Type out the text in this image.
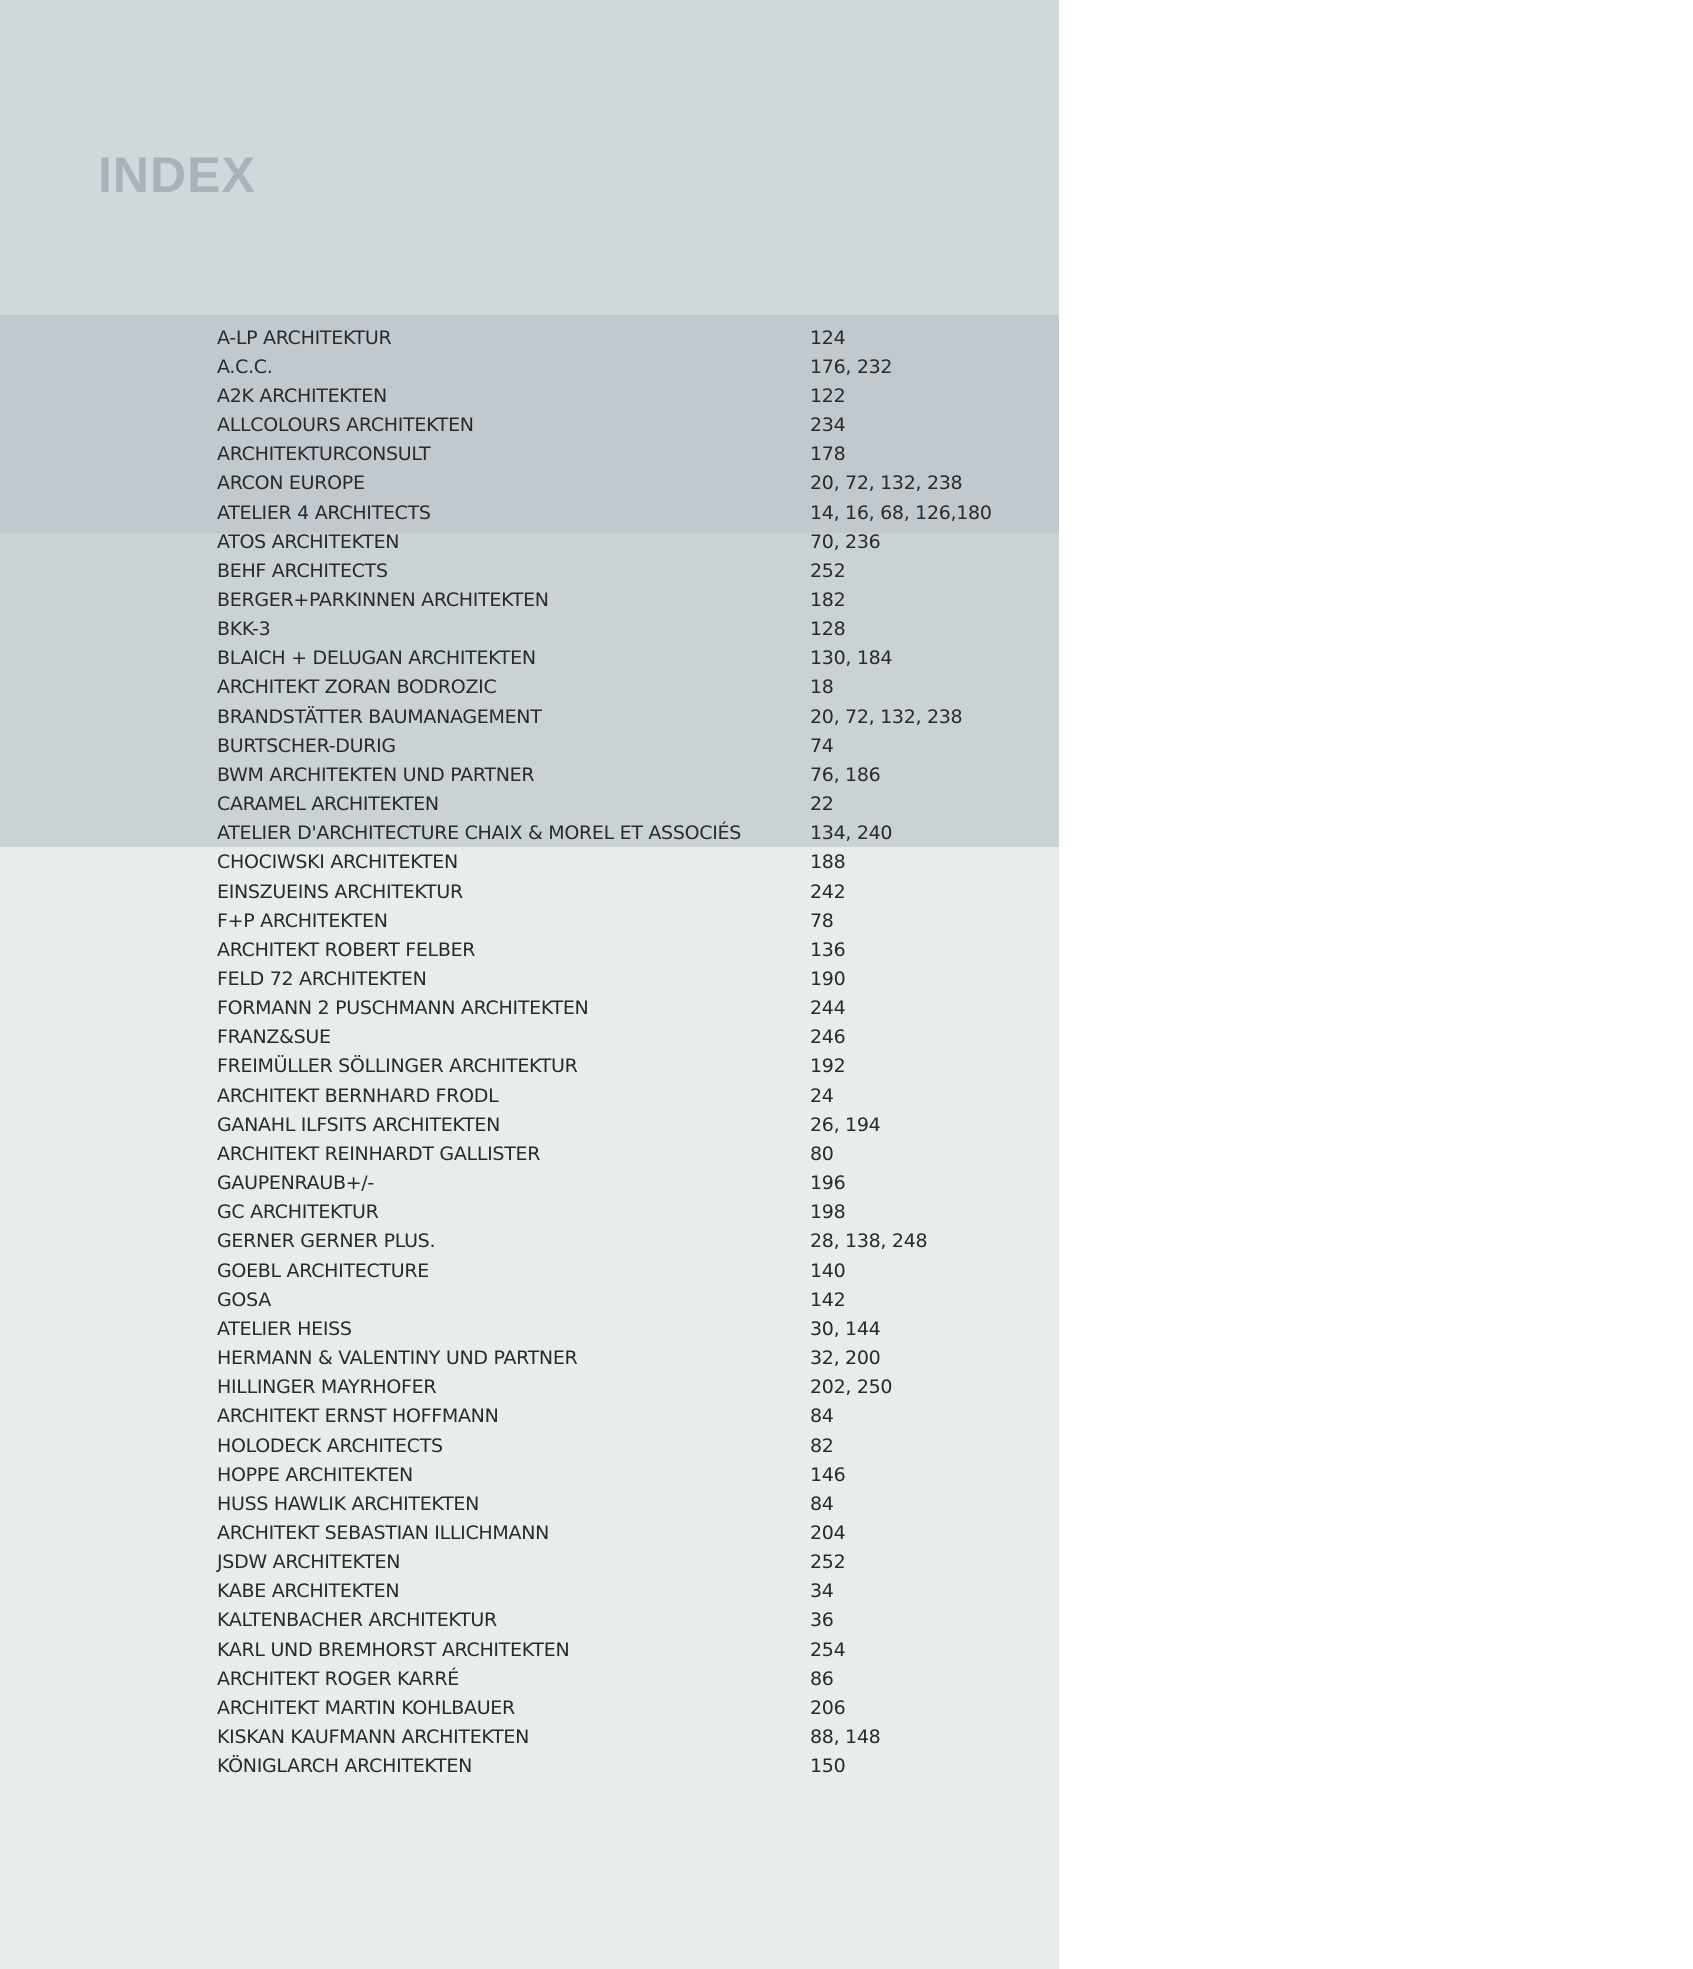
INDEX
A-LP ARCHITEKTUR	124
A.C.C.	176, 232
A2K ARCHITEKTEN	122
ALLCOLOURS ARCHITEKTEN	234
ARCHITEKTURCONSULT	178
ARCON EUROPE	20, 72, 132, 238
ATELIER 4 ARCHITECTS	14, 16, 68, 126,180
ATOS ARCHITEKTEN	70, 236
BEHF ARCHITECTS	252
BERGER+PARKINNEN ARCHITEKTEN	182
BKK-3	128
BLAICH + DELUGAN ARCHITEKTEN	130, 184
ARCHITEKT ZORAN BODROZIC	18
BRANDSTÄTTER BAUMANAGEMENT	20, 72, 132, 238
BURTSCHER-DURIG	74
BWM ARCHITEKTEN UND PARTNER	76, 186
CARAMEL ARCHITEKTEN	22
ATELIER D'ARCHITECTURE CHAIX & MOREL ET ASSOCIÉS	134, 240
CHOCIWSKI ARCHITEKTEN	188
EINSZUEINS ARCHITEKTUR	242
F+P ARCHITEKTEN	78
ARCHITEKT ROBERT FELBER	136
FELD 72 ARCHITEKTEN	190
FORMANN 2 PUSCHMANN ARCHITEKTEN	244
FRANZ&SUE	246
FREIMÜLLER SÖLLINGER ARCHITEKTUR	192
ARCHITEKT BERNHARD FRODL	24
GANAHL ILFSITS ARCHITEKTEN	26, 194
ARCHITEKT REINHARDT GALLISTER	80
GAUPENRAUB+/-	196
GC ARCHITEKTUR	198
GERNER GERNER PLUS.	28, 138, 248
GOEBL ARCHITECTURE	140
GOSA	142
ATELIER HEISS	30, 144
HERMANN & VALENTINY UND PARTNER	32, 200
HILLINGER MAYRHOFER	202, 250
ARCHITEKT ERNST HOFFMANN	84
HOLODECK ARCHITECTS	82
HOPPE ARCHITEKTEN	146
HUSS HAWLIK ARCHITEKTEN	84
ARCHITEKT SEBASTIAN ILLICHMANN	204
JSDW ARCHITEKTEN	252
KABE ARCHITEKTEN	34
KALTENBACHER ARCHITEKTUR	36
KARL UND BREMHORST ARCHITEKTEN	254
ARCHITEKT ROGER KARRÉ	86
ARCHITEKT MARTIN KOHLBAUER	206
KISKAN KAUFMANN ARCHITEKTEN	88, 148
KÖNIGLARCH ARCHITEKTEN	150
